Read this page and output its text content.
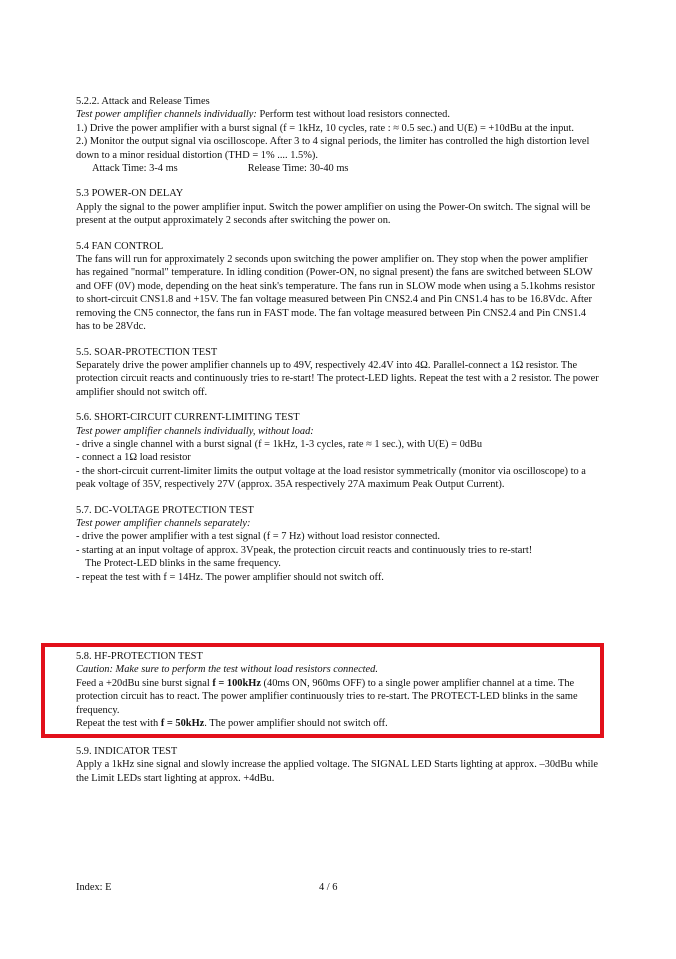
5.2.2. Attack and Release Times

Test power amplifier channels individually: Perform test without load resistors connected.

1.) Drive the power amplifier with a burst signal (f = 1kHz, 10 cycles, rate : ≈ 0.5 sec.) and U(E) = +10dBu at the input.

2.) Monitor the output signal via oscilloscope. After 3 to 4 signal periods, the limiter has controlled the high distortion level down to a minor residual distortion (THD = 1% .... 1.5%).

Attack Time: 3-4 ms	Release Time: 30-40 ms

5.3 POWER-ON DELAY

Apply the signal to the power amplifier input. Switch the power amplifier on using the Power-On switch. The signal will be present at the output approximately 2 seconds after switching the power on.

5.4 FAN CONTROL

The fans will run for approximately 2 seconds upon switching the power amplifier on. They stop when the power amplifier has regained "normal" temperature. In idling condition (Power-ON, no signal present) the fans are switched between SLOW and OFF (0V) mode, depending on the heat sink's temperature. The fans run in SLOW mode when using a 5.1kohms resistor to short-circuit CNS1.8 and +15V. The fan voltage measured between Pin CNS2.4 and Pin CNS1.4 has to be 16.8Vdc. After removing the CN5 connector, the fans run in FAST mode. The fan voltage measured between Pin CNS2.4 and Pin CNS1.4 has to be 28Vdc.

5.5. SOAR-PROTECTION TEST

Separately drive the power amplifier channels up to 49V, respectively 42.4V into 4Ω. Parallel-connect a 1Ω resistor. The protection circuit reacts and continuously tries to re-start! The protect-LED lights. Repeat the test with a 2 resistor. The power amplifier should not switch off.

5.6. SHORT-CIRCUIT CURRENT-LIMITING TEST

Test power amplifier channels individually, without load:

- drive a single channel with a burst signal (f = 1kHz, 1-3 cycles, rate ≈ 1 sec.), with U(E) = 0dBu

- connect a 1Ω load resistor

- the short-circuit current-limiter limits the output voltage at the load resistor symmetrically (monitor via oscilloscope) to a peak voltage of 35V, respectively 27V (approx. 35A respectively 27A maximum Peak Output Current).

5.7. DC-VOLTAGE PROTECTION TEST

Test power amplifier channels separately:

- drive the power amplifier with a test signal (f = 7 Hz) without load resistor connected.

- starting at an input voltage of approx. 3Vpeak, the protection circuit reacts and continuously tries to re-start!

The Protect-LED blinks in the same frequency.

- repeat the test with f = 14Hz. The power amplifier should not switch off.

5.8. HF-PROTECTION TEST
Caution: Make sure to perform the test without load resistors connected.
Feed a +20dBu sine burst signal f = 100kHz (40ms ON, 960ms OFF) to a single power amplifier channel at a time. The protection circuit has to react. The power amplifier continuously tries to re-start. The PROTECT-LED blinks in the same frequency.
Repeat the test with f = 50kHz. The power amplifier should not switch off.
5.9. INDICATOR TEST
Apply a 1kHz sine signal and slowly increase the applied voltage. The SIGNAL LED Starts lighting at approx. –30dBu while the Limit LEDs start lighting at approx. +4dBu.
Index: E	4 / 6
